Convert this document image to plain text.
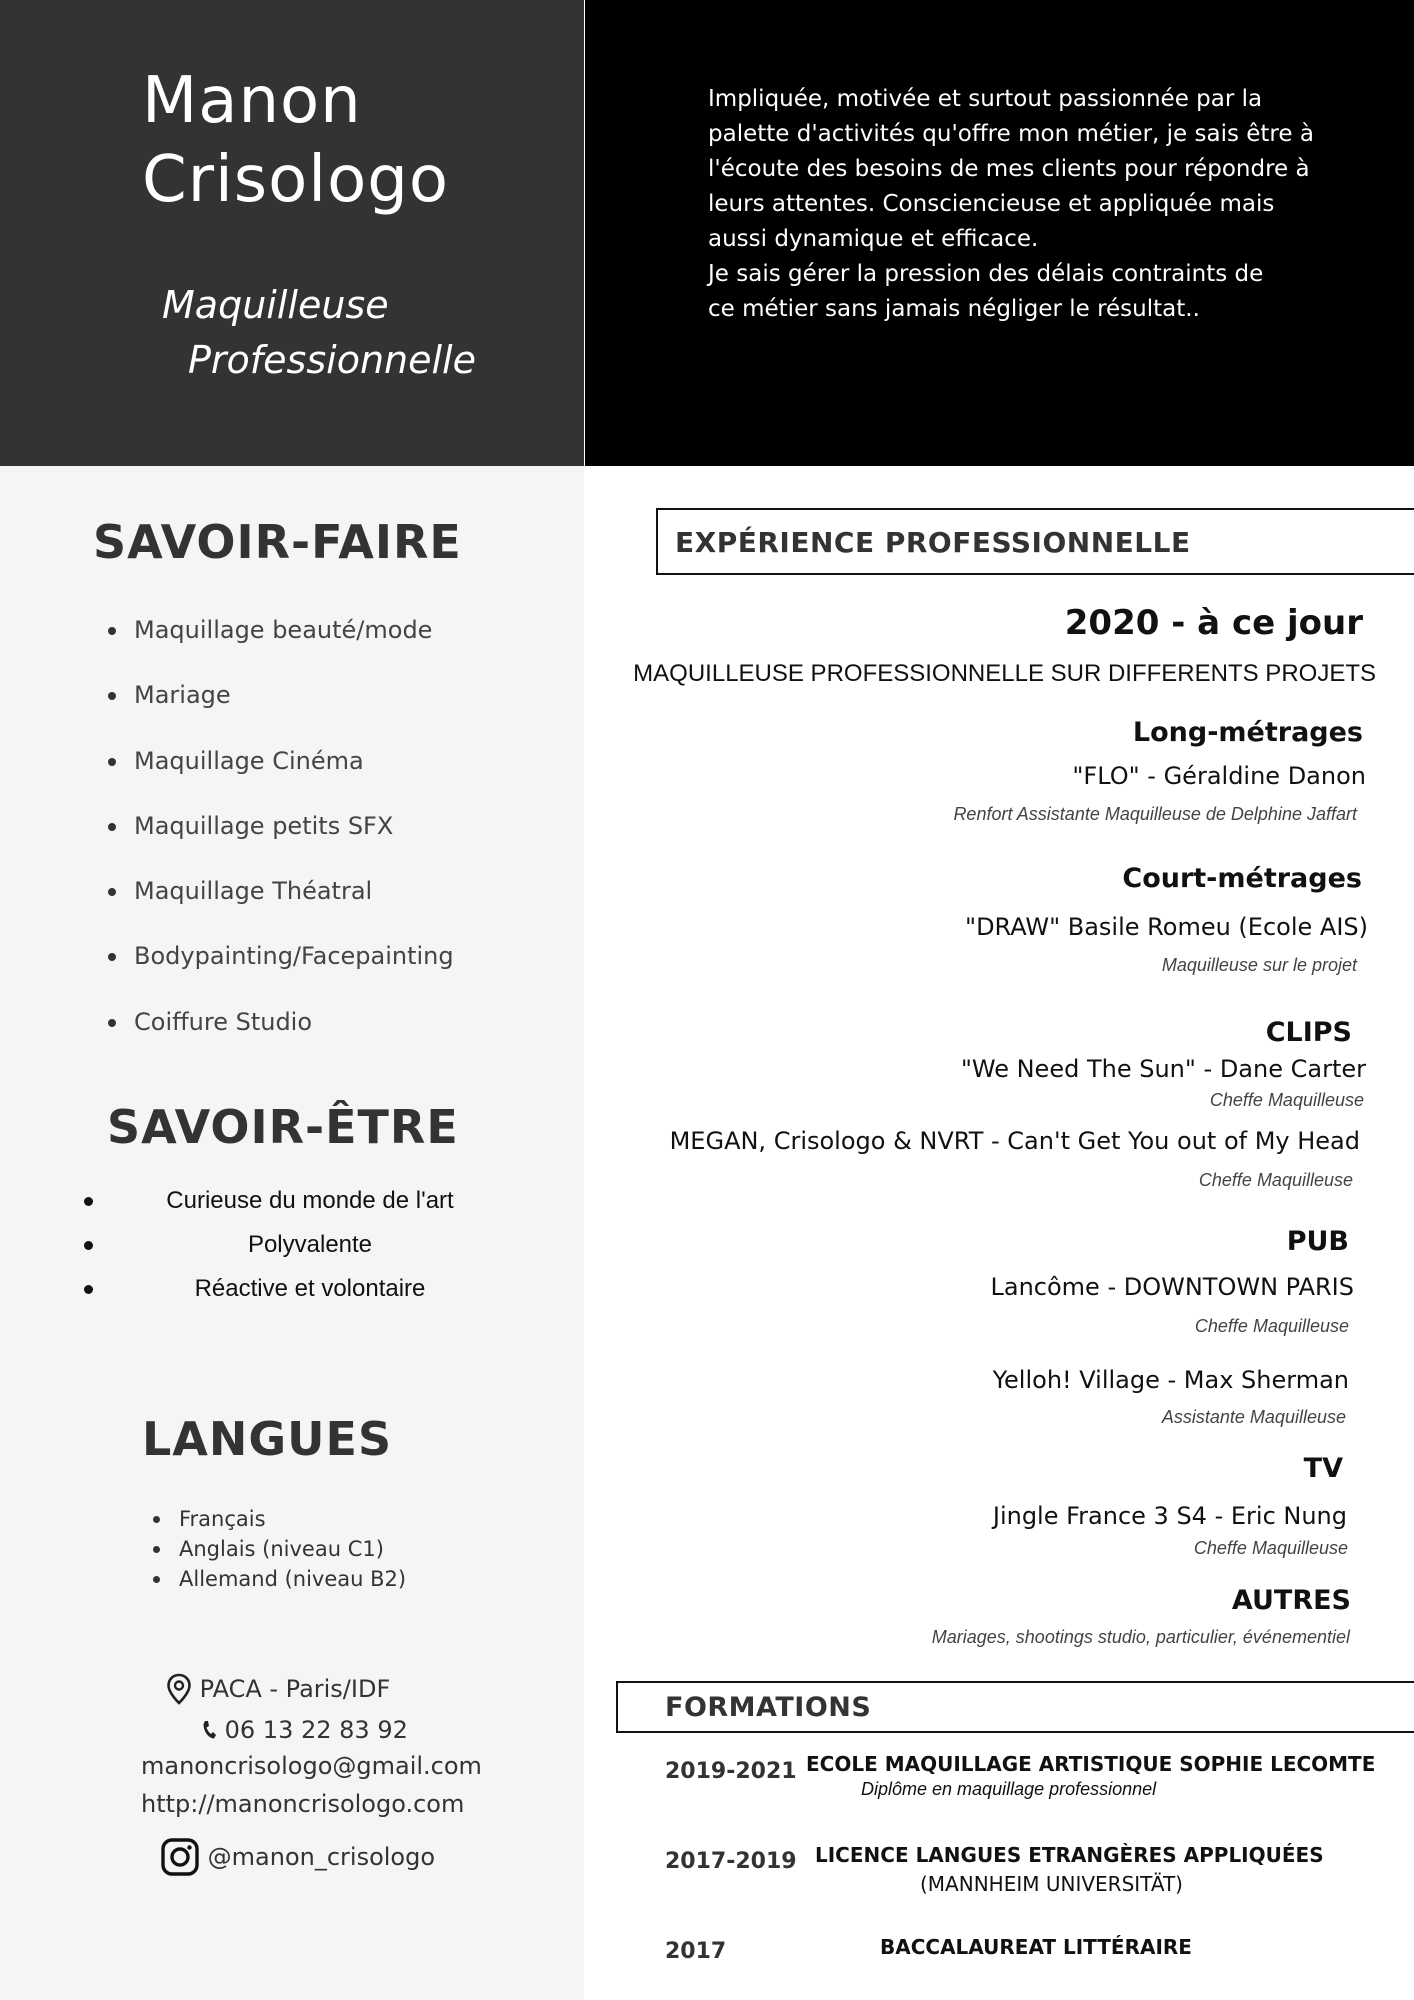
Manon
Crisologo
Maquilleuse
Professionnelle
Impliquée, motivée et surtout passionnée par la
palette d'activités qu'offre mon métier, je sais être à
l'écoute des besoins de mes clients pour répondre à
leurs attentes. Consciencieuse et appliquée mais
aussi dynamique et efficace.
Je sais gérer la pression des délais contraints de
ce métier sans jamais négliger le résultat..
SAVOIR-FAIRE
Maquillage beauté/mode
Mariage
Maquillage Cinéma
Maquillage petits SFX
Maquillage Théatral
Bodypainting/Facepainting
Coiffure Studio
SAVOIR-ÊTRE
Curieuse du monde de l'art
Polyvalente
Réactive et volontaire
LANGUES
Français
Anglais (niveau C1)
Allemand (niveau B2)
PACA - Paris/IDF
06 13 22 83 92
manoncrisologo@gmail.com
http://manoncrisologo.com
@manon_crisologo
EXPÉRIENCE PROFESSIONNELLE
2020 - à ce jour
MAQUILLEUSE PROFESSIONNELLE SUR DIFFERENTS PROJETS
Long-métrages
"FLO" - Géraldine Danon
Renfort Assistante Maquilleuse de Delphine Jaffart
Court-métrages
"DRAW" Basile Romeu (Ecole AIS)
Maquilleuse sur le projet
CLIPS
"We Need The Sun" - Dane Carter
Cheffe Maquilleuse
MEGAN, Crisologo & NVRT - Can't Get You out of My Head
Cheffe Maquilleuse
PUB
Lancôme - DOWNTOWN PARIS
Cheffe Maquilleuse
Yelloh! Village - Max Sherman
Assistante Maquilleuse
TV
Jingle France 3 S4 - Eric Nung
Cheffe Maquilleuse
AUTRES
Mariages, shootings studio, particulier, événementiel
FORMATIONS
2019-2021 ECOLE MAQUILLAGE ARTISTIQUE SOPHIE LECOMTE
Diplôme en maquillage professionnel
2017-2019 LICENCE LANGUES ETRANGÈRES APPLIQUÉES
(MANNHEIM UNIVERSITÄT)
2017	BACCALAUREAT LITTÉRAIRE
